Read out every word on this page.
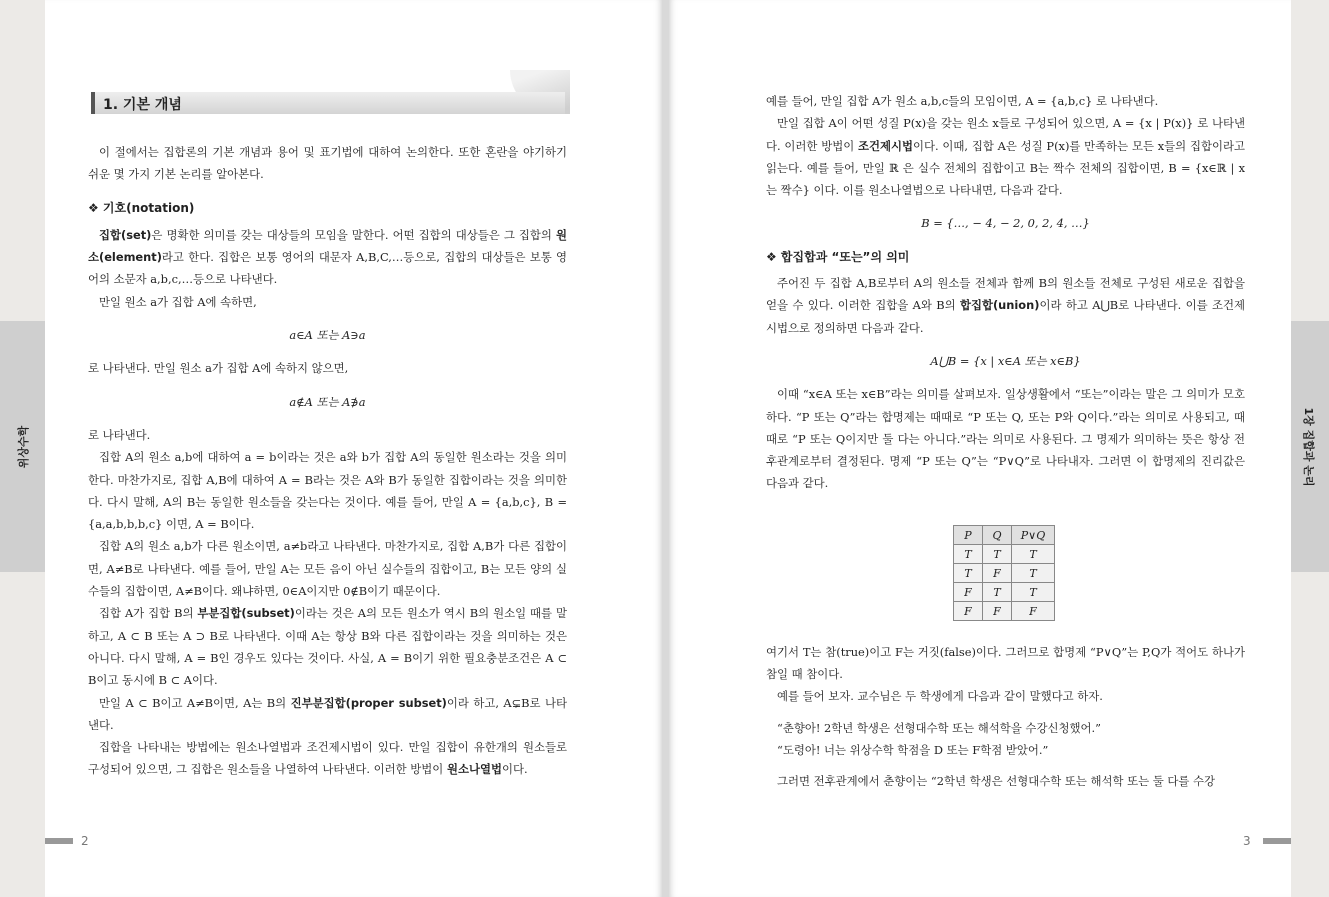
위상수학	1장 집합과 논리
1. 기본 개념

이 절에서는 집합론의 기본 개념과 용어 및 표기법에 대하여 논의한다. 또한 혼란을 야기하기 쉬운 몇 가지 기본 논리를 알아본다.

❖ 기호(notation)

집합(set)은 명확한 의미를 갖는 대상들의 모임을 말한다. 어떤 집합의 대상들은 그 집합의 원소(element)라고 한다. 집합은 보통 영어의 대문자 A,B,C,…등으로, 집합의 대상들은 보통 영어의 소문자 a,b,c,…등으로 나타낸다.

만일 원소 a가 집합 A에 속하면,

a∈A 또는 A∋a

로 나타낸다. 만일 원소 a가 집합 A에 속하지 않으면,

a∉A 또는 A∌a

로 나타낸다.

집합 A의 원소 a,b에 대하여 a = b이라는 것은 a와 b가 집합 A의 동일한 원소라는 것을 의미한다. 마찬가지로, 집합 A,B에 대하여 A = B라는 것은 A와 B가 동일한 집합이라는 것을 의미한다. 다시 말해, A의 B는 동일한 원소들을 갖는다는 것이다. 예를 들어, 만일 A = {a,b,c}, B = {a,a,b,b,b,c} 이면, A = B이다.

집합 A의 원소 a,b가 다른 원소이면, a≠b라고 나타낸다. 마찬가지로, 집합 A,B가 다른 집합이면, A≠B로 나타낸다. 예를 들어, 만일 A는 모든 음이 아닌 실수들의 집합이고, B는 모든 양의 실수들의 집합이면, A≠B이다. 왜냐하면, 0∈A이지만 0∉B이기 때문이다.

집합 A가 집합 B의 부분집합(subset)이라는 것은 A의 모든 원소가 역시 B의 원소일 때를 말하고, A ⊂ B 또는 A ⊃ B로 나타낸다. 이때 A는 항상 B와 다른 집합이라는 것을 의미하는 것은 아니다. 다시 말해, A = B인 경우도 있다는 것이다. 사실, A = B이기 위한 필요충분조건은 A ⊂ B이고 동시에 B ⊂ A이다.

만일 A ⊂ B이고 A≠B이면, A는 B의 진부분집합(proper subset)이라 하고, A⊊B로 나타낸다.

집합을 나타내는 방법에는 원소나열법과 조건제시법이 있다. 만일 집합이 유한개의 원소들로 구성되어 있으면, 그 집합은 원소들을 나열하여 나타낸다. 이러한 방법이 원소나열법이다.

2

예를 들어, 만일 집합 A가 원소 a,b,c들의 모임이면, A = {a,b,c} 로 나타낸다.

만일 집합 A이 어떤 성질 P(x)을 갖는 원소 x들로 구성되어 있으면, A = {x | P(x)} 로 나타낸다. 이러한 방법이 조건제시법이다. 이때, 집합 A은 성질 P(x)를 만족하는 모든 x들의 집합이라고 읽는다. 예를 들어, 만일 ℝ 은 실수 전체의 집합이고 B는 짝수 전체의 집합이면, B = {x∈ℝ | x는 짝수} 이다. 이를 원소나열법으로 나타내면, 다음과 같다.

B = {…, − 4, − 2, 0, 2, 4, …}

❖ 합집합과 “또는”의 의미

주어진 두 집합 A,B로부터 A의 원소들 전체과 함께 B의 원소들 전체로 구성된 새로운 집합을 얻을 수 있다. 이러한 집합을 A와 B의 합집합(union)이라 하고 A⋃B로 나타낸다. 이를 조건제시법으로 정의하면 다음과 같다.

A⋃B = {x | x∈A 또는 x∈B}

이때 “x∈A 또는 x∈B”라는 의미를 살펴보자. 일상생활에서 “또는”이라는 말은 그 의미가 모호하다. “P 또는 Q”라는 합명제는 때때로 “P 또는 Q, 또는 P와 Q이다.”라는 의미로 사용되고, 때때로 “P 또는 Q이지만 둘 다는 아니다.”라는 의미로 사용된다. 그 명제가 의미하는 뜻은 항상 전후관계로부터 결정된다. 명제 “P 또는 Q”는 “P∨Q”로 나타내자. 그러면 이 합명제의 진리값은 다음과 같다.

여기서 T는 참(true)이고 F는 거짓(false)이다. 그러므로 합명제 “P∨Q”는 P,Q가 적어도 하나가 참일 때 참이다.

예를 들어 보자. 교수님은 두 학생에게 다음과 같이 말했다고 하자.

“춘향아! 2학년 학생은 선형대수학 또는 해석학을 수강신청했어.”

“도령아! 너는 위상수학 학점을 D 또는 F학점 받았어.”

그러면 전후관계에서 춘향이는 “2학년 학생은 선형대수학 또는 해석학 또는 둘 다를 수강

P	Q	P∨Q
T	T	T
T	F	T
F	T	T
F	F	F
3
